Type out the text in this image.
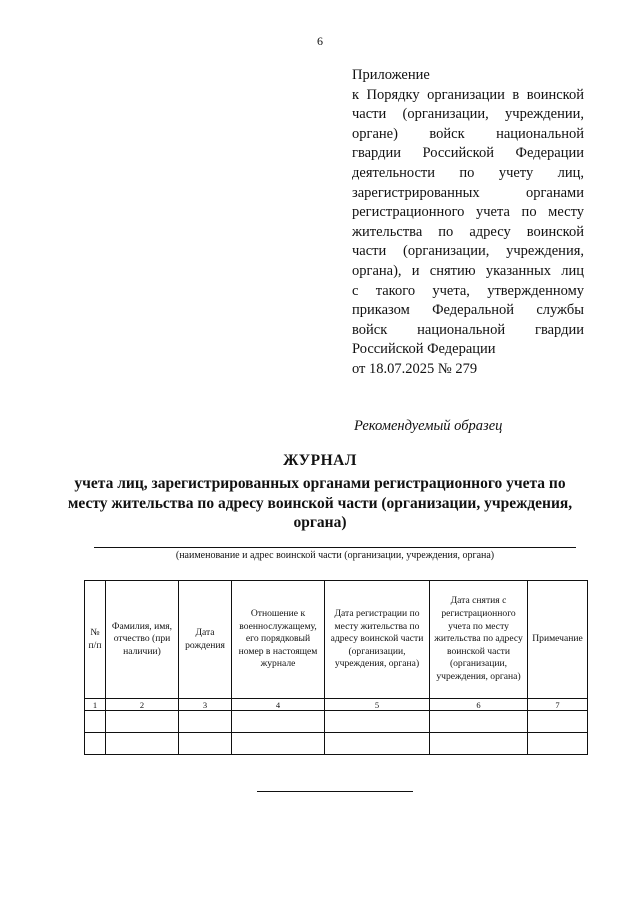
6
Приложение
к Порядку организации в воинской
части (организации, учреждении,
органе) войск национальной
гвардии Российской Федерации
деятельности по учету лиц,
зарегистрированных органами
регистрационного учета по месту
жительства по адресу воинской
части (организации, учреждения,
органа), и снятию указанных лиц
с такого учета, утвержденному
приказом Федеральной службы
войск национальной гвардии
Российской Федерации
от 18.07.2025 № 279
Рекомендуемый образец
ЖУРНАЛ
учета лиц, зарегистрированных органами регистрационного учета по месту жительства по адресу воинской части (организации, учреждения, органа)
(наименование и адрес воинской части (организации, учреждения, органа)
№ п/п	Фамилия, имя, отчество (при наличии)	Дата рождения	Отношение к военнослужащему, его порядковый номер в настоящем журнале	Дата регистрации по месту жительства по адресу воинской части (организации, учреждения, органа)	Дата снятия с регистрационного учета по месту жительства по адресу воинской части (организации, учреждения, органа)	Примечание
1	2	3	4	5	6	7
